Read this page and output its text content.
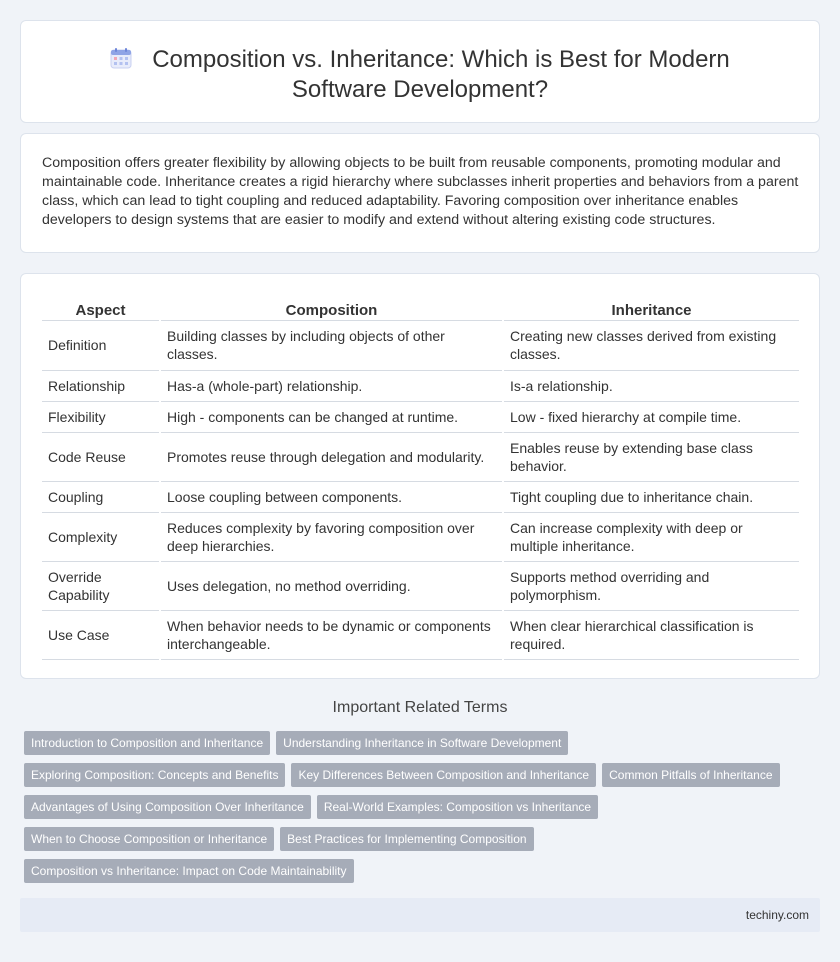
Composition vs. Inheritance: Which is Best for Modern Software Development?

Composition offers greater flexibility by allowing objects to be built from reusable components, promoting modular and maintainable code. Inheritance creates a rigid hierarchy where subclasses inherit properties and behaviors from a parent class, which can lead to tight coupling and reduced adaptability. Favoring composition over inheritance enables developers to design systems that are easier to modify and extend without altering existing code structures.

Aspect	Composition	Inheritance
Definition	Building classes by including objects of other classes.	Creating new classes derived from existing classes.
Relationship	Has-a (whole-part) relationship.	Is-a relationship.
Flexibility	High - components can be changed at runtime.	Low - fixed hierarchy at compile time.
Code Reuse	Promotes reuse through delegation and modularity.	Enables reuse by extending base class behavior.
Coupling	Loose coupling between components.	Tight coupling due to inheritance chain.
Complexity	Reduces complexity by favoring composition over deep hierarchies.	Can increase complexity with deep or multiple inheritance.
Override Capability	Uses delegation, no method overriding.	Supports method overriding and polymorphism.
Use Case	When behavior needs to be dynamic or components interchangeable.	When clear hierarchical classification is required.
Important Related Terms
Introduction to Composition and Inheritance Understanding Inheritance in Software Development
Exploring Composition: Concepts and Benefits Key Differences Between Composition and Inheritance Common Pitfalls of Inheritance
Advantages of Using Composition Over Inheritance Real-World Examples: Composition vs Inheritance
When to Choose Composition or Inheritance Best Practices for Implementing Composition
Composition vs Inheritance: Impact on Code Maintainability
techiny.com
